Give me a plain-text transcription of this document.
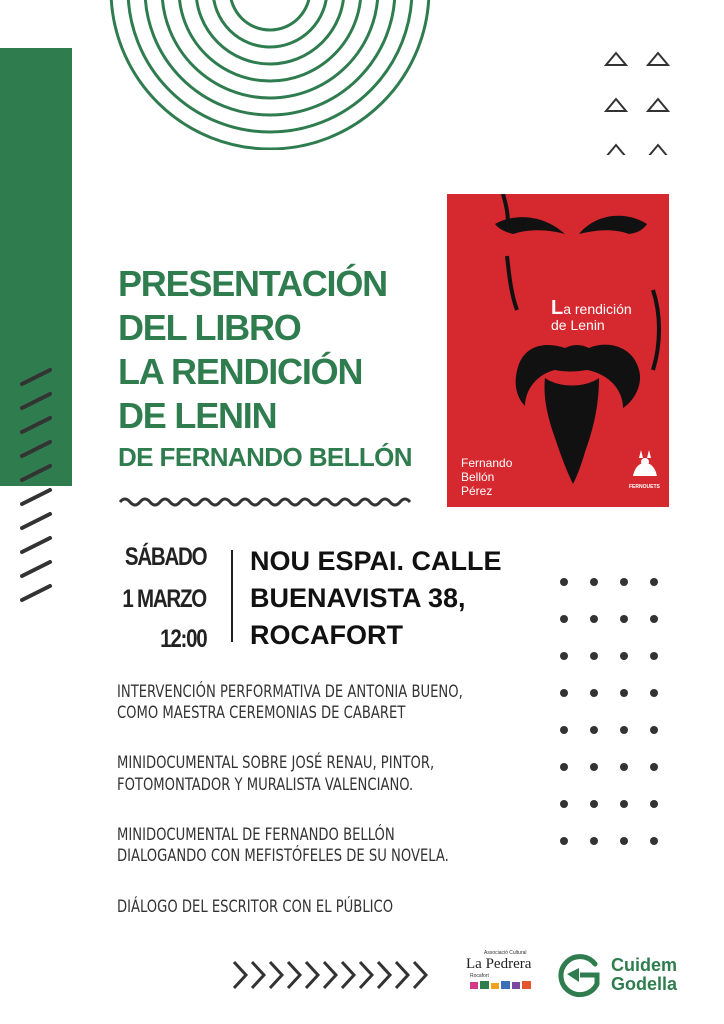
PRESENTACIÓN
DEL LIBRO
LA RENDICIÓN
DE LENIN
DE FERNANDO BELLÓN
La rendición
de Lenin
Fernando
Bellón
Pérez	FERNOUETS
SÁBADO
1 MARZO
12:00
NOU ESPAI. CALLE
BUENAVISTA 38,
ROCAFORT
INTERVENCIÓN PERFORMATIVA DE ANTONIA BUENO,
COMO MAESTRA CEREMONIAS DE CABARET
MINIDOCUMENTAL SOBRE JOSÉ RENAU, PINTOR,
FOTOMONTADOR Y MURALISTA VALENCIANO.
MINIDOCUMENTAL DE FERNANDO BELLÓN
DIALOGANDO CON MEFISTÓFELES DE SU NOVELA.
DIÁLOGO DEL ESCRITOR CON EL PÚBLICO
Associació Cultural
La Pedrera
Rocafort
Cuidem
Godella
